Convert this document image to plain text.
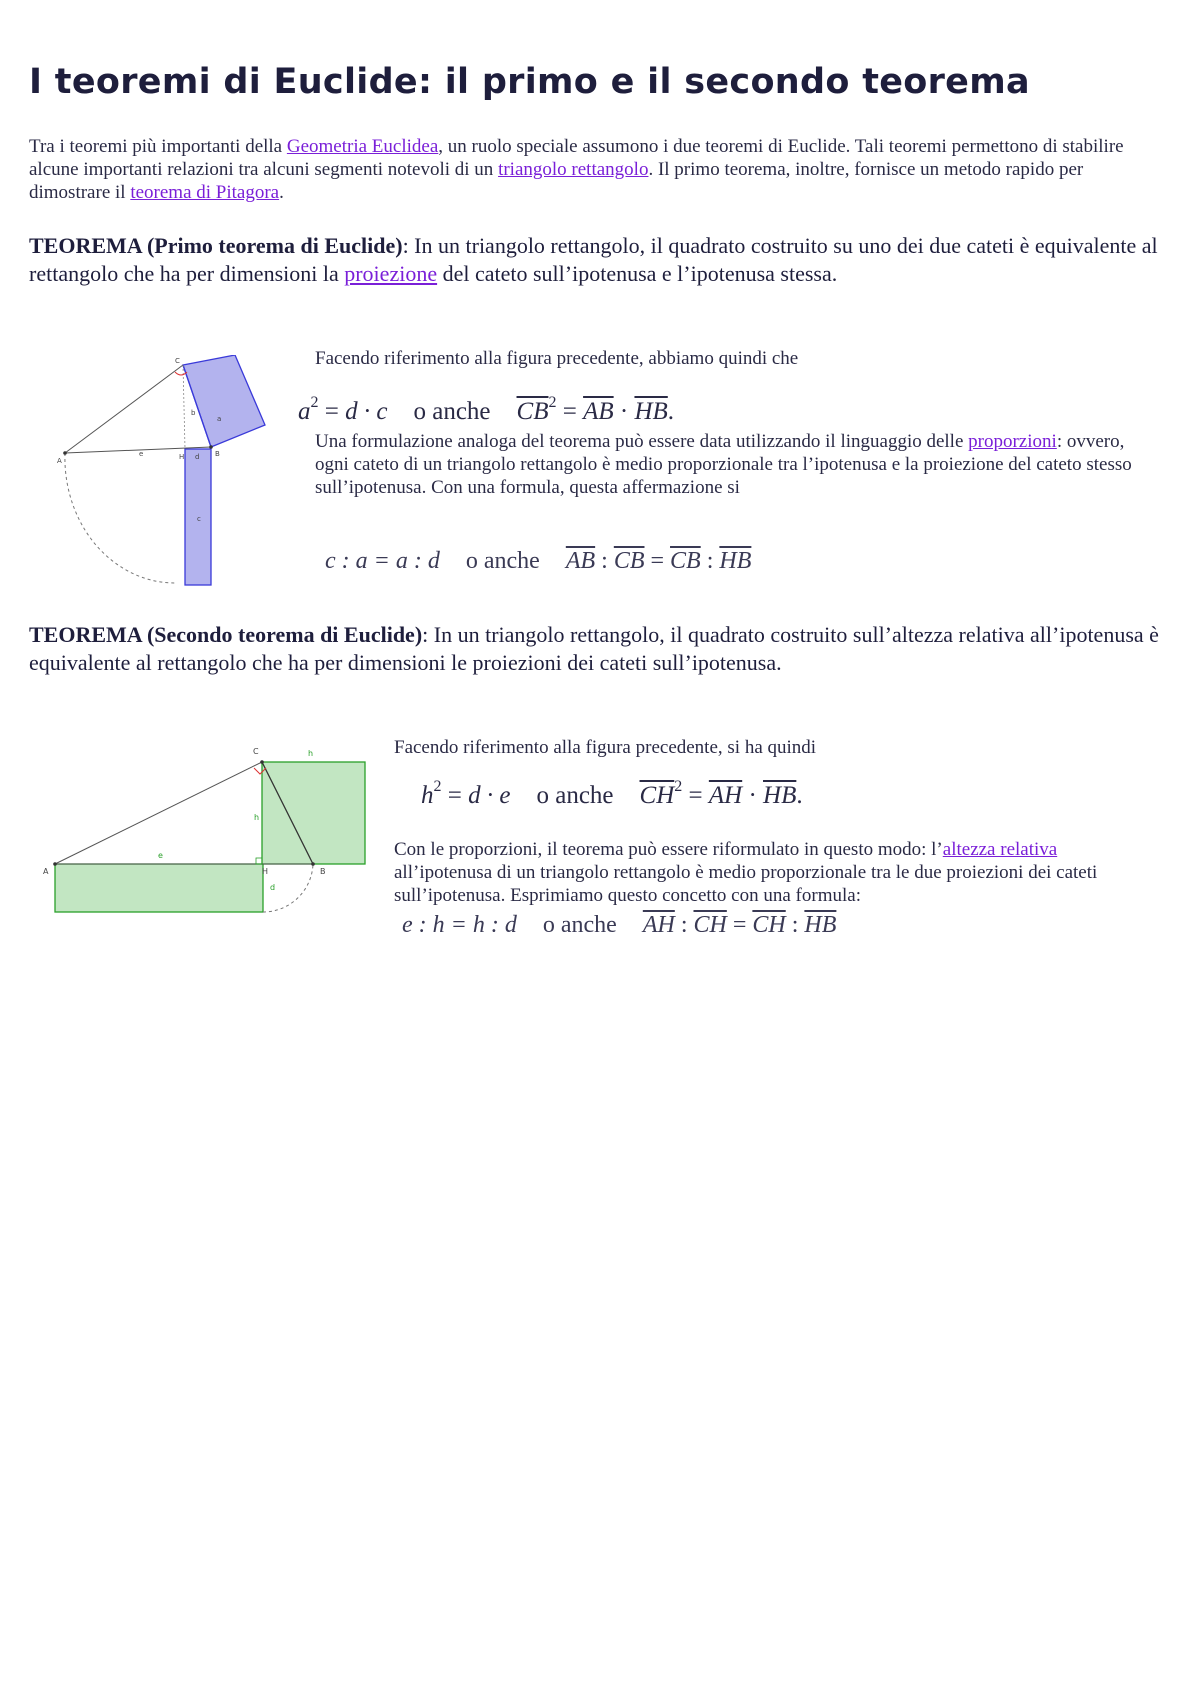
I teoremi di Euclide: il primo e il secondo teorema
Tra i teoremi più importanti della Geometria Euclidea, un ruolo speciale assumono i due teoremi di Euclide. Tali teoremi permettono di stabilire alcune importanti relazioni tra alcuni segmenti notevoli di un triangolo rettangolo. Il primo teorema, inoltre, fornisce un metodo rapido per dimostrare il teorema di Pitagora.
TEOREMA (Primo teorema di Euclide): In un triangolo rettangolo, il quadrato costruito su uno dei due cateti è equivalente al rettangolo che ha per dimensioni la proiezione del cateto sull’ipotenusa e l’ipotenusa stessa.
A
C
H	B
a
b
c
d
e
Facendo riferimento alla figura precedente, abbiamo quindi che
$a^2 = d \cdot c$ o anche $\overline{CB}^2 = \overline{AB} \cdot \overline{HB}$.
Una formulazione analoga del teorema può essere data utilizzando il linguaggio delle proporzioni: ovvero, ogni cateto di un triangolo rettangolo è medio proporzionale tra l’ipotenusa e la proiezione del cateto stesso sull’ipotenusa. Con una formula, questa affermazione si
c : a = a : d o anche $\overline{AB}$ : $\overline{CB} = \overline{CB}$ : $\overline{HB}$
TEOREMA (Secondo teorema di Euclide): In un triangolo rettangolo, il quadrato costruito sull’altezza relativa all’ipotenusa è equivalente al rettangolo che ha per dimensioni le proiezioni dei cateti sull’ipotenusa.
A
C
H	B
e
h
h
d
Facendo riferimento alla figura precedente, si ha quindi
$h^2 = d \cdot e$ o anche $\overline{CH}^2 = \overline{AH} \cdot \overline{HB}$.
Con le proporzioni, il teorema può essere riformulato in questo modo: l’altezza relativa all’ipotenusa di un triangolo rettangolo è medio proporzionale tra le due proiezioni dei cateti sull’ipotenusa. Esprimiamo questo concetto con una formula:
e : h = h : d o anche $\overline{AH}$ : $\overline{CH} = \overline{CH}$ : $\overline{HB}$
